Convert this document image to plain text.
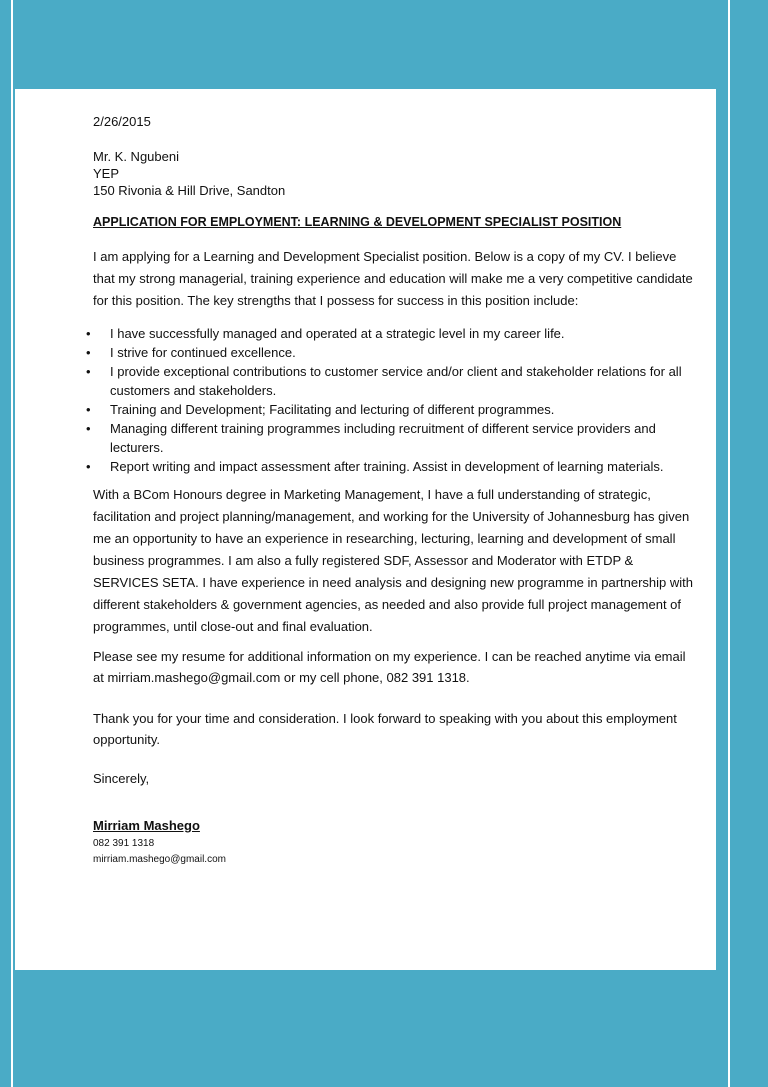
2/26/2015

Mr. K. Ngubeni
YEP
150 Rivonia & Hill Drive, Sandton

APPLICATION FOR EMPLOYMENT: LEARNING & DEVELOPMENT SPECIALIST POSITION

I am applying for a Learning and Development Specialist position. Below is a copy of my CV. I believe that my strong managerial, training experience and education will make me a very competitive candidate for this position. The key strengths that I possess for success in this position include:

• I have successfully managed and operated at a strategic level in my career life.
• I strive for continued excellence.
• I provide exceptional contributions to customer service and/or client and stakeholder relations for all customers and stakeholders.
• Training and Development; Facilitating and lecturing of different programmes.
• Managing different training programmes including recruitment of different service providers and lecturers.
• Report writing and impact assessment after training. Assist in development of learning materials.

With a BCom Honours degree in Marketing Management, I have a full understanding of strategic, facilitation and project planning/management, and working for the University of Johannesburg has given me an opportunity to have an experience in researching, lecturing, learning and development of small business programmes. I am also a fully registered SDF, Assessor and Moderator with ETDP & SERVICES SETA. I have experience in need analysis and designing new programme in partnership with different stakeholders & government agencies, as needed and also provide full project management of programmes, until close-out and final evaluation.

Please see my resume for additional information on my experience. I can be reached anytime via email at mirriam.mashego@gmail.com or my cell phone, 082 391 1318.

Thank you for your time and consideration. I look forward to speaking with you about this employment opportunity.

Sincerely,

Mirriam Mashego

082 391 1318

mirriam.mashego@gmail.com
